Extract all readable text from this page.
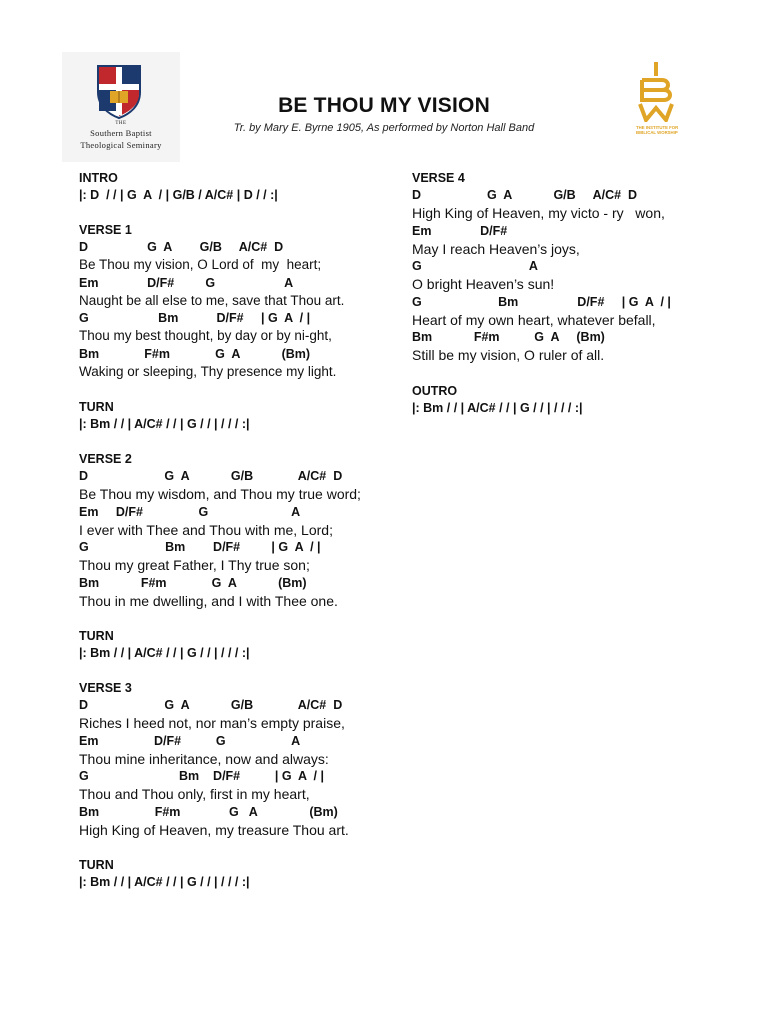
THE
Southern Baptist
Theological Seminary
THE INSTITUTE FOR BIBLICAL WORSHIP
BE THOU MY VISION
Tr. by Mary E. Byrne 1905, As performed by Norton Hall Band
INTRO
|: D  / / | G  A  / | G/B / A/C# | D / / :|
VERSE 1
D                 G  A        G/B     A/C#  D
Be Thou my vision, O Lord of  my  heart;
Em              D/F#         G                    A
Naught be all else to me, save that Thou art.
G                    Bm           D/F#     | G  A  / |
Thou my best thought, by day or by ni-ght,
Bm             F#m             G  A            (Bm)
Waking or sleeping, Thy presence my light.
TURN
|: Bm / / | A/C# / / | G / / | / / / :|
VERSE 2
D                      G  A            G/B             A/C#  D
Be Thou my wisdom, and Thou my true word;
Em     D/F#                G                        A
I ever with Thee and Thou with me, Lord;
G                      Bm        D/F#         | G  A  / |
Thou my great Father, I Thy true son;
Bm            F#m             G  A            (Bm)
Thou in me dwelling, and I with Thee one.
TURN
|: Bm / / | A/C# / / | G / / | / / / :|
VERSE 3
D                      G  A            G/B             A/C#  D
Riches I heed not, nor man’s empty praise,
Em                D/F#          G                   A
Thou mine inheritance, now and always:
G                          Bm    D/F#          | G  A  / |
Thou and Thou only, first in my heart,
Bm                F#m              G   A               (Bm)
High King of Heaven, my treasure Thou art.
TURN
|: Bm / / | A/C# / / | G / / | / / / :|
VERSE 4
D                   G  A            G/B     A/C#  D
High King of Heaven, my victo - ry   won,
Em              D/F#
May I reach Heaven’s joys,
G                               A
O bright Heaven’s sun!
G                      Bm                 D/F#     | G  A  / |
Heart of my own heart, whatever befall,
Bm            F#m          G  A     (Bm)
Still be my vision, O ruler of all.
OUTRO
|: Bm / / | A/C# / / | G / / | / / / :|
